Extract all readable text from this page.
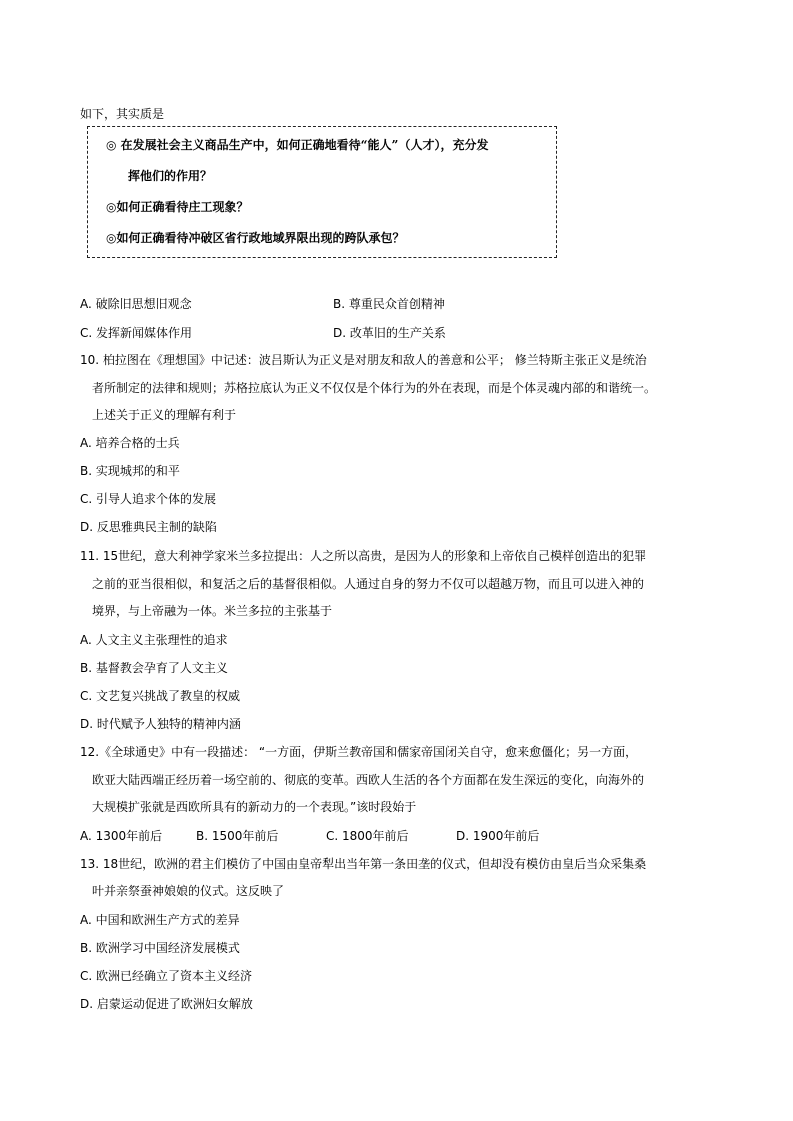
如下，其实质是
◎ 在发展社会主义商品生产中，如何正确地看待“能人”（人才），充分发
挥他们的作用？
◎如何正确看待庄工现象？
◎如何正确看待冲破区省行政地域界限出现的跨队承包？
A. 破除旧思想旧观念	B. 尊重民众首创精神
C. 发挥新闻媒体作用	D. 改革旧的生产关系
10. 柏拉图在《理想国》中记述：波吕斯认为正义是对朋友和敌人的善意和公平； 修兰特斯主张正义是统治
者所制定的法律和规则；苏格拉底认为正义不仅仅是个体行为的外在表现，而是个体灵魂内部的和谐统一。
上述关于正义的理解有利于
A. 培养合格的士兵
B. 实现城邦的和平
C. 引导人追求个体的发展
D. 反思雅典民主制的缺陷
11. 15世纪，意大利神学家米兰多拉提出：人之所以高贵，是因为人的形象和上帝依自己模样创造出的犯罪
之前的亚当很相似，和复活之后的基督很相似。人通过自身的努力不仅可以超越万物，而且可以进入神的
境界，与上帝融为一体。米兰多拉的主张基于
A. 人文主义主张理性的追求
B. 基督教会孕育了人文主义
C. 文艺复兴挑战了教皇的权威
D. 时代赋予人独特的精神内涵
12.《全球通史》中有一段描述： “一方面，伊斯兰教帝国和儒家帝国闭关自守，愈来愈僵化；另一方面，
欧亚大陆西端正经历着一场空前的、彻底的变革。西欧人生活的各个方面都在发生深远的变化，向海外的
大规模扩张就是西欧所具有的新动力的一个表现。”该时段始于
A. 1300年前后	B. 1500年前后	C. 1800年前后	D. 1900年前后
13. 18世纪，欧洲的君主们模仿了中国由皇帝犁出当年第一条田垄的仪式，但却没有模仿由皇后当众采集桑
叶并亲祭蚕神娘娘的仪式。这反映了
A. 中国和欧洲生产方式的差异
B. 欧洲学习中国经济发展模式
C. 欧洲已经确立了资本主义经济
D. 启蒙运动促进了欧洲妇女解放
